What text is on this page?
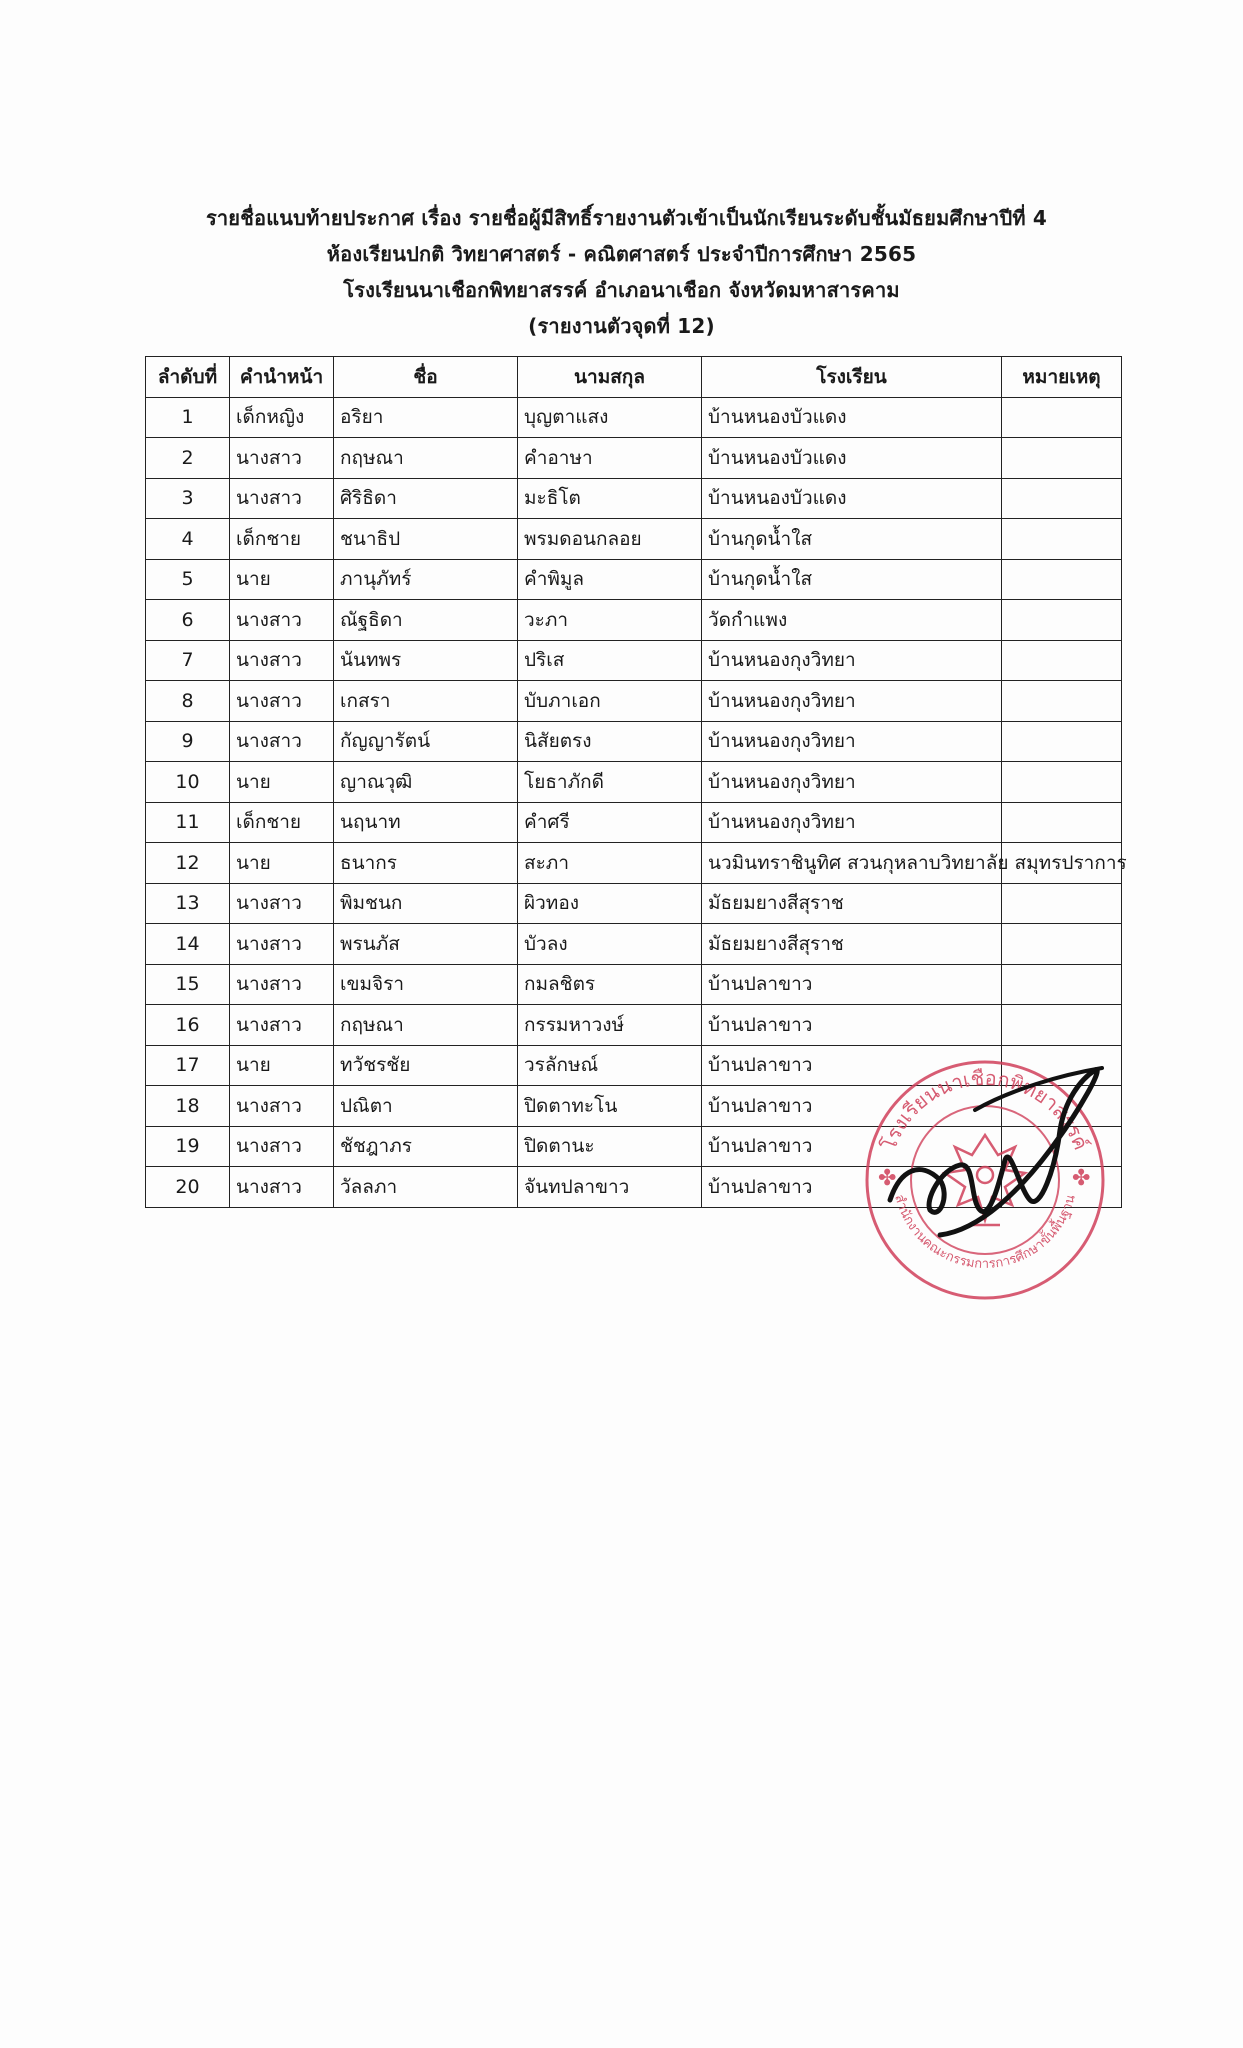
รายชื่อแนบท้ายประกาศ เรื่อง รายชื่อผู้มีสิทธิ์รายงานตัวเข้าเป็นนักเรียนระดับชั้นมัธยมศึกษาปีที่ 4
ห้องเรียนปกติ วิทยาศาสตร์ - คณิตศาสตร์ ประจำปีการศึกษา 2565
โรงเรียนนาเชือกพิทยาสรรค์ อำเภอนาเชือก จังหวัดมหาสารคาม
(รายงานตัวจุดที่ 12)
ลำดับที่	คำนำหน้า	ชื่อ	นามสกุล	โรงเรียน	หมายเหตุ
1	เด็กหญิง	อริยา	บุญตาแสง	บ้านหนองบัวแดง	
2	นางสาว	กฤษณา	คำอาษา	บ้านหนองบัวแดง	
3	นางสาว	ศิริธิดา	มะธิโต	บ้านหนองบัวแดง	
4	เด็กชาย	ชนาธิป	พรมดอนกลอย	บ้านกุดน้ำใส	
5	นาย	ภานุภัทร์	คำพิมูล	บ้านกุดน้ำใส	
6	นางสาว	ณัฐธิดา	วะภา	วัดกำแพง	
7	นางสาว	นันทพร	ปริเส	บ้านหนองกุงวิทยา	
8	นางสาว	เกสรา	บับภาเอก	บ้านหนองกุงวิทยา	
9	นางสาว	กัญญารัตน์	นิสัยตรง	บ้านหนองกุงวิทยา	
10	นาย	ญาณวุฒิ	โยธาภักดี	บ้านหนองกุงวิทยา	
11	เด็กชาย	นฤนาท	คำศรี	บ้านหนองกุงวิทยา	
12	นาย	ธนากร	สะภา	นวมินทราชินูทิศ สวนกุหลาบวิทยาลัย สมุทรปราการ	
13	นางสาว	พิมชนก	ผิวทอง	มัธยมยางสีสุราช	
14	นางสาว	พรนภัส	บัวลง	มัธยมยางสีสุราช	
15	นางสาว	เขมจิรา	กมลชิตร	บ้านปลาขาว	
16	นางสาว	กฤษณา	กรรมหาวงษ์	บ้านปลาขาว	
17	นาย	ทวัชรชัย	วรลักษณ์	บ้านปลาขาว	
18	นางสาว	ปณิตา	ปิดตาทะโน	บ้านปลาขาว	
19	นางสาว	ชัชฎาภร	ปิดตานะ	บ้านปลาขาว	
20	นางสาว	วัลลภา	จันทปลาขาว	บ้านปลาขาว	
โรงเรียนนาเชือกพิทยาสรรค์
สำนักงานคณะกรรมการการศึกษาขั้นพื้นฐาน
✤	✤
